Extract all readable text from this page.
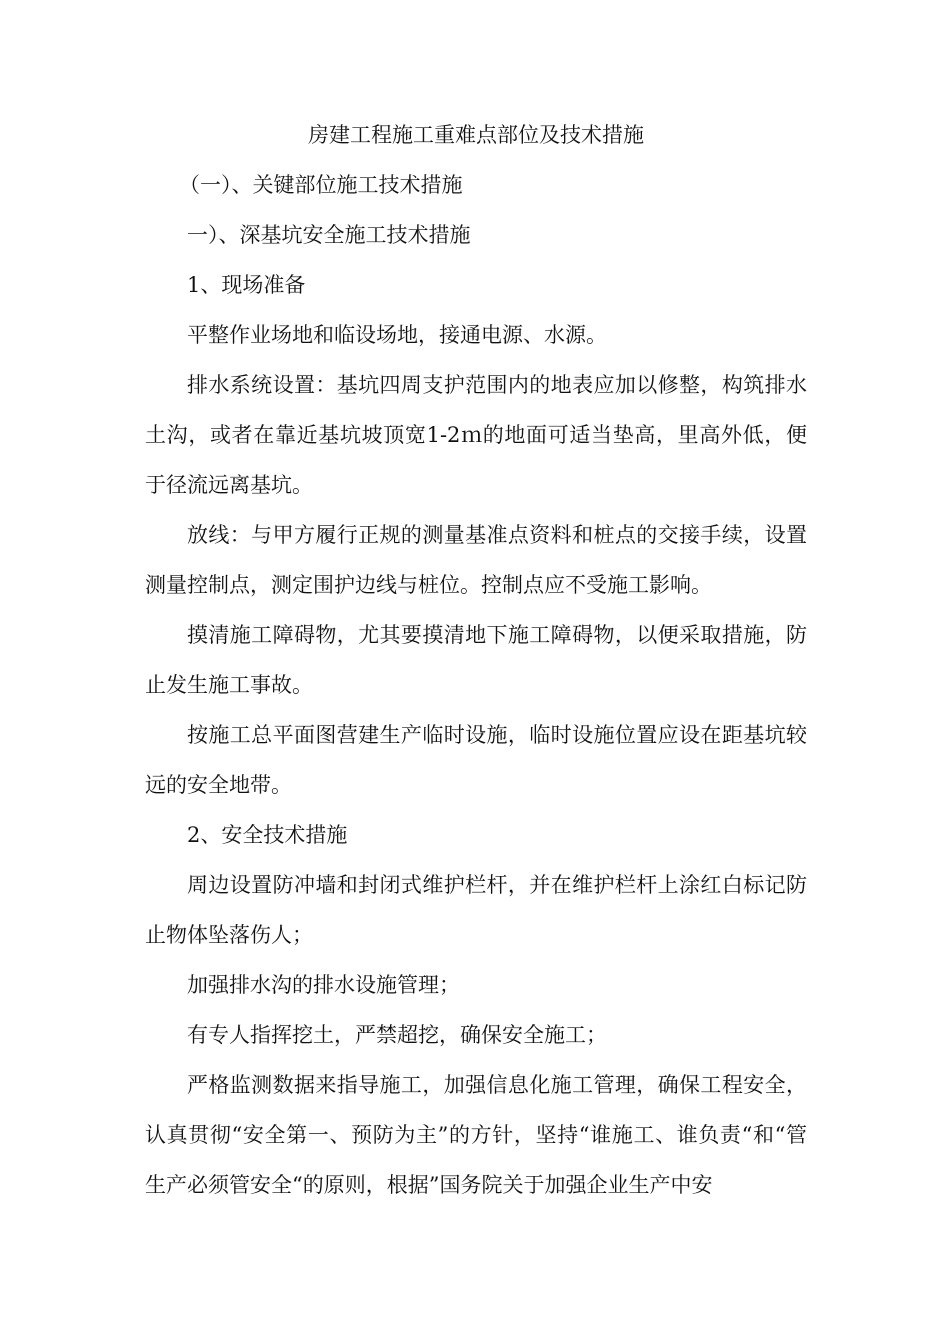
房建工程施工重难点部位及技术措施

（一）、关键部位施工技术措施

一）、深基坑安全施工技术措施

1、现场准备

平整作业场地和临设场地，接通电源、水源。

排水系统设置：基坑四周支护范围内的地表应加以修整，构筑排水土沟，或者在靠近基坑坡顶宽1-2ｍ的地面可适当垫高，里高外低，便于径流远离基坑。

放线：与甲方履行正规的测量基准点资料和桩点的交接手续，设置测量控制点，测定围护边线与桩位。控制点应不受施工影响。

摸清施工障碍物，尤其要摸清地下施工障碍物，以便采取措施，防止发生施工事故。

按施工总平面图营建生产临时设施，临时设施位置应设在距基坑较远的安全地带。

2、安全技术措施

周边设置防冲墙和封闭式维护栏杆，并在维护栏杆上涂红白标记防止物体坠落伤人；

加强排水沟的排水设施管理；

有专人指挥挖土，严禁超挖，确保安全施工；

严格监测数据来指导施工，加强信息化施工管理，确保工程安全，认真贯彻“安全第一、预防为主”的方针，坚持“谁施工、谁负责“和“管生产必须管安全“的原则，根据”国务院关于加强企业生产中安
